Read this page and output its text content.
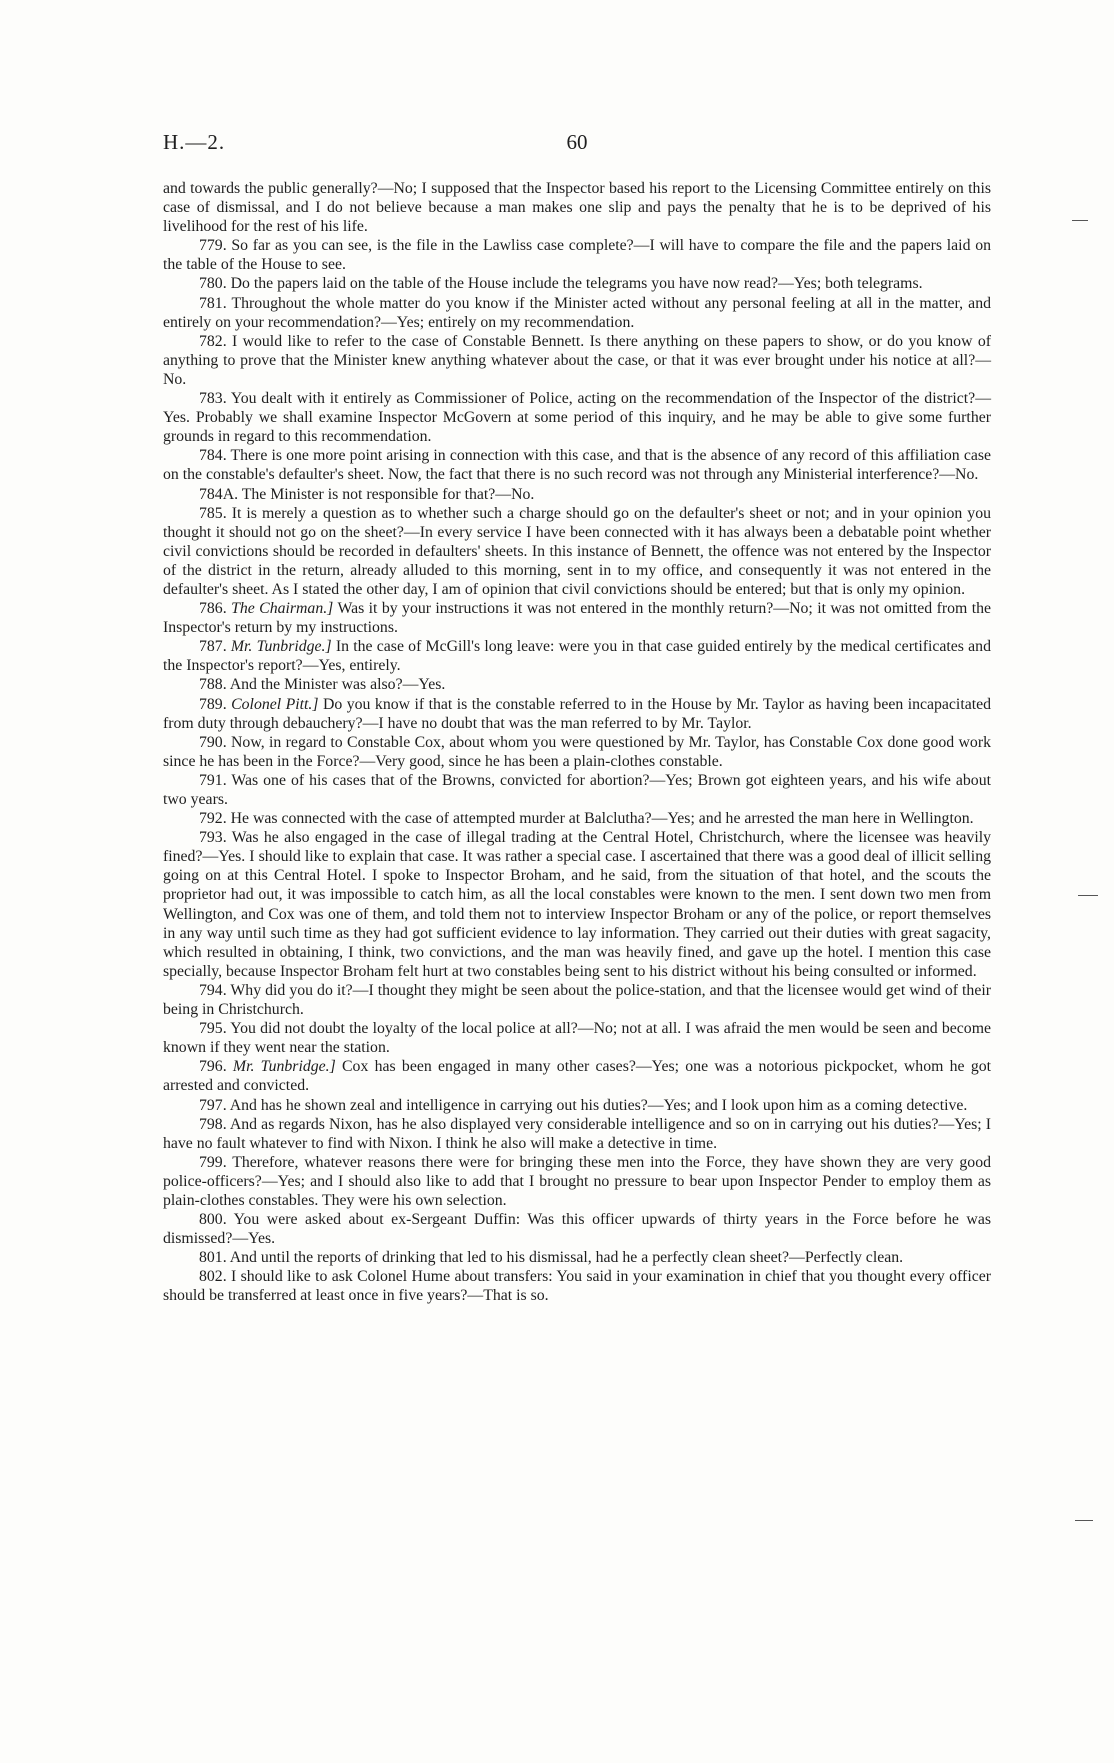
H.—2.	60

and towards the public generally?—No; I supposed that the Inspector based his report to the Licensing Committee entirely on this case of dismissal, and I do not believe because a man makes one slip and pays the penalty that he is to be deprived of his livelihood for the rest of his life.

779. So far as you can see, is the file in the Lawliss case complete?—I will have to compare the file and the papers laid on the table of the House to see.

780. Do the papers laid on the table of the House include the telegrams you have now read?—Yes; both telegrams.

781. Throughout the whole matter do you know if the Minister acted without any personal feeling at all in the matter, and entirely on your recommendation?—Yes; entirely on my recommendation.

782. I would like to refer to the case of Constable Bennett. Is there anything on these papers to show, or do you know of anything to prove that the Minister knew anything whatever about the case, or that it was ever brought under his notice at all?—No.

783. You dealt with it entirely as Commissioner of Police, acting on the recommendation of the Inspector of the district?—Yes. Probably we shall examine Inspector McGovern at some period of this inquiry, and he may be able to give some further grounds in regard to this recommendation.

784. There is one more point arising in connection with this case, and that is the absence of any record of this affiliation case on the constable's defaulter's sheet. Now, the fact that there is no such record was not through any Ministerial interference?—No.

784A. The Minister is not responsible for that?—No.

785. It is merely a question as to whether such a charge should go on the defaulter's sheet or not; and in your opinion you thought it should not go on the sheet?—In every service I have been connected with it has always been a debatable point whether civil convictions should be recorded in defaulters' sheets. In this instance of Bennett, the offence was not entered by the Inspector of the district in the return, already alluded to this morning, sent in to my office, and consequently it was not entered in the defaulter's sheet. As I stated the other day, I am of opinion that civil convictions should be entered; but that is only my opinion.

786. The Chairman.] Was it by your instructions it was not entered in the monthly return?—No; it was not omitted from the Inspector's return by my instructions.

787. Mr. Tunbridge.] In the case of McGill's long leave: were you in that case guided entirely by the medical certificates and the Inspector's report?—Yes, entirely.

788. And the Minister was also?—Yes.

789. Colonel Pitt.] Do you know if that is the constable referred to in the House by Mr. Taylor as having been incapacitated from duty through debauchery?—I have no doubt that was the man referred to by Mr. Taylor.

790. Now, in regard to Constable Cox, about whom you were questioned by Mr. Taylor, has Constable Cox done good work since he has been in the Force?—Very good, since he has been a plain-clothes constable.

791. Was one of his cases that of the Browns, convicted for abortion?—Yes; Brown got eighteen years, and his wife about two years.

792. He was connected with the case of attempted murder at Balclutha?—Yes; and he arrested the man here in Wellington.

793. Was he also engaged in the case of illegal trading at the Central Hotel, Christchurch, where the licensee was heavily fined?—Yes. I should like to explain that case. It was rather a special case. I ascertained that there was a good deal of illicit selling going on at this Central Hotel. I spoke to Inspector Broham, and he said, from the situation of that hotel, and the scouts the proprietor had out, it was impossible to catch him, as all the local constables were known to the men. I sent down two men from Wellington, and Cox was one of them, and told them not to interview Inspector Broham or any of the police, or report themselves in any way until such time as they had got sufficient evidence to lay information. They carried out their duties with great sagacity, which resulted in obtaining, I think, two convictions, and the man was heavily fined, and gave up the hotel. I mention this case specially, because Inspector Broham felt hurt at two constables being sent to his district without his being consulted or informed.

794. Why did you do it?—I thought they might be seen about the police-station, and that the licensee would get wind of their being in Christchurch.

795. You did not doubt the loyalty of the local police at all?—No; not at all. I was afraid the men would be seen and become known if they went near the station.

796. Mr. Tunbridge.] Cox has been engaged in many other cases?—Yes; one was a notorious pickpocket, whom he got arrested and convicted.

797. And has he shown zeal and intelligence in carrying out his duties?—Yes; and I look upon him as a coming detective.

798. And as regards Nixon, has he also displayed very considerable intelligence and so on in carrying out his duties?—Yes; I have no fault whatever to find with Nixon. I think he also will make a detective in time.

799. Therefore, whatever reasons there were for bringing these men into the Force, they have shown they are very good police-officers?—Yes; and I should also like to add that I brought no pressure to bear upon Inspector Pender to employ them as plain-clothes constables. They were his own selection.

800. You were asked about ex-Sergeant Duffin: Was this officer upwards of thirty years in the Force before he was dismissed?—Yes.

801. And until the reports of drinking that led to his dismissal, had he a perfectly clean sheet?—Perfectly clean.

802. I should like to ask Colonel Hume about transfers: You said in your examination in chief that you thought every officer should be transferred at least once in five years?—That is so.
